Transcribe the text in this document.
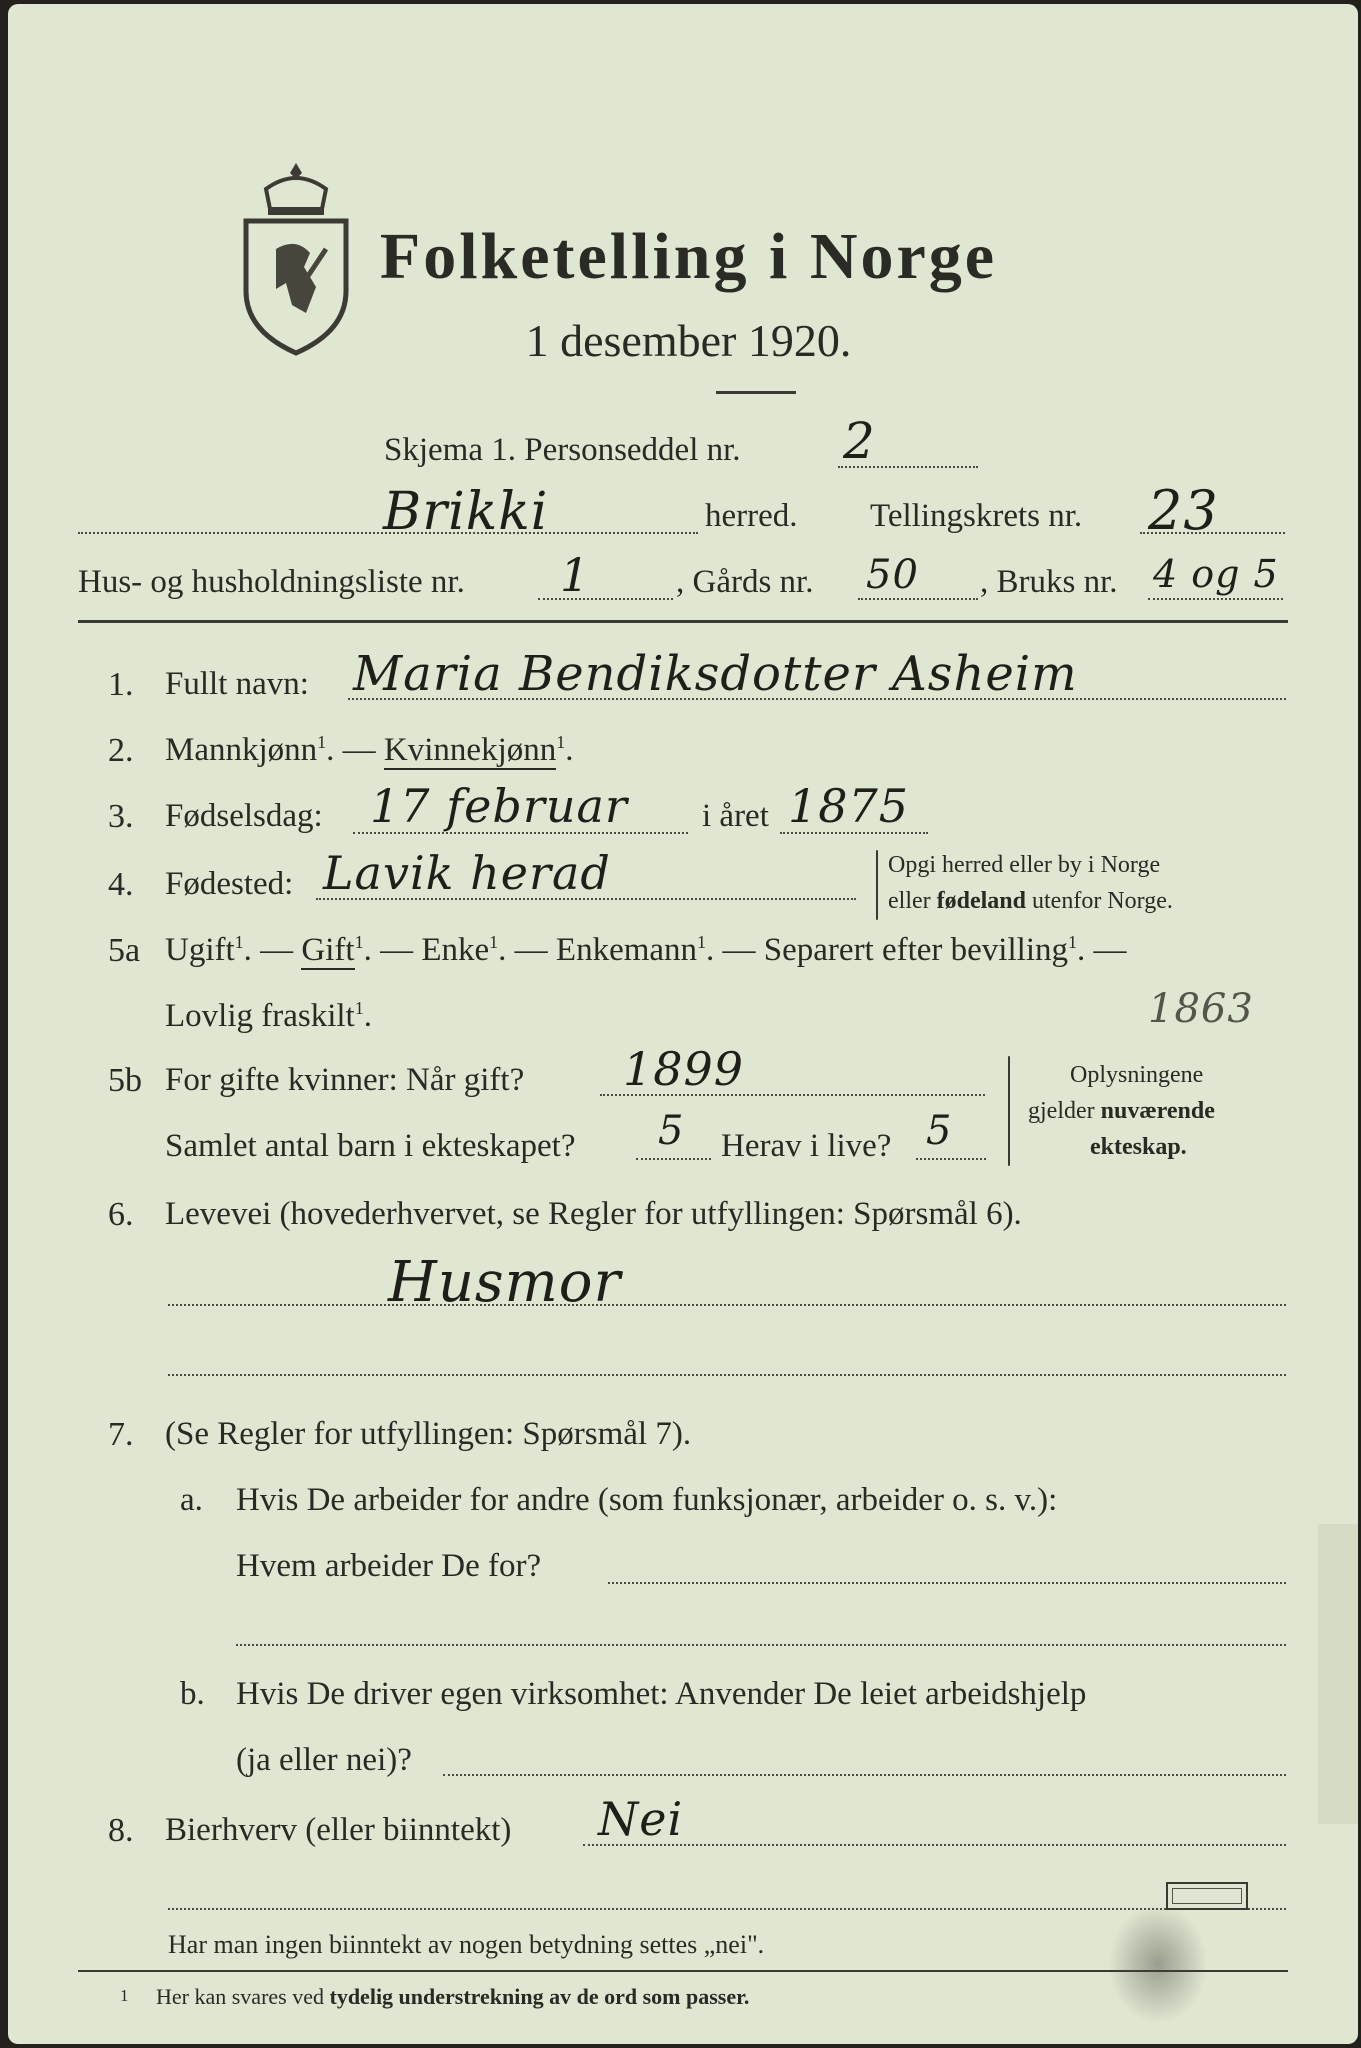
Folketelling i Norge
1 desember 1920.
Skjema 1. Personseddel nr. 2
Brikki	herred. Tellingskrets nr. 23
Hus- og husholdningsliste nr. 1	, Gårds nr. 50 , Bruks nr. 4 og 5
1. Fullt navn: Maria Bendiksdotter Asheim
2. Mannkjønn$^1$. — Kvinnekjønn$^1$.
3. Fødselsdag: 17 februar i året 1875
4. Fødested: Lavik herad	Opgi herred eller by i Norge
eller fødeland utenfor Norge.
5a Ugift$^1$. — Gift$^1$. — Enke$^1$. — Enkemann$^1$. — Separert efter bevilling$^1$. —
Lovlig fraskilt$^1$.	1863
5b For gifte kvinner: Når gift? 1899
Samlet antal barn i ekteskapet? 5 Herav i live? 5
Oplysningene
gjelder nuværende
ekteskap.
6. Levevei (hovederhvervet, se Regler for utfyllingen: Spørsmål 6).
Husmor
7. (Se Regler for utfyllingen: Spørsmål 7).
a. Hvis De arbeider for andre (som funksjonær, arbeider o. s. v.):
Hvem arbeider De for?
b. Hvis De driver egen virksomhet: Anvender De leiet arbeidshjelp
(ja eller nei)?
8. Bierhverv (eller biinntekt) Nei
Har man ingen biinntekt av nogen betydning settes „nei".
1 Her kan svares ved tydelig understrekning av de ord som passer.
